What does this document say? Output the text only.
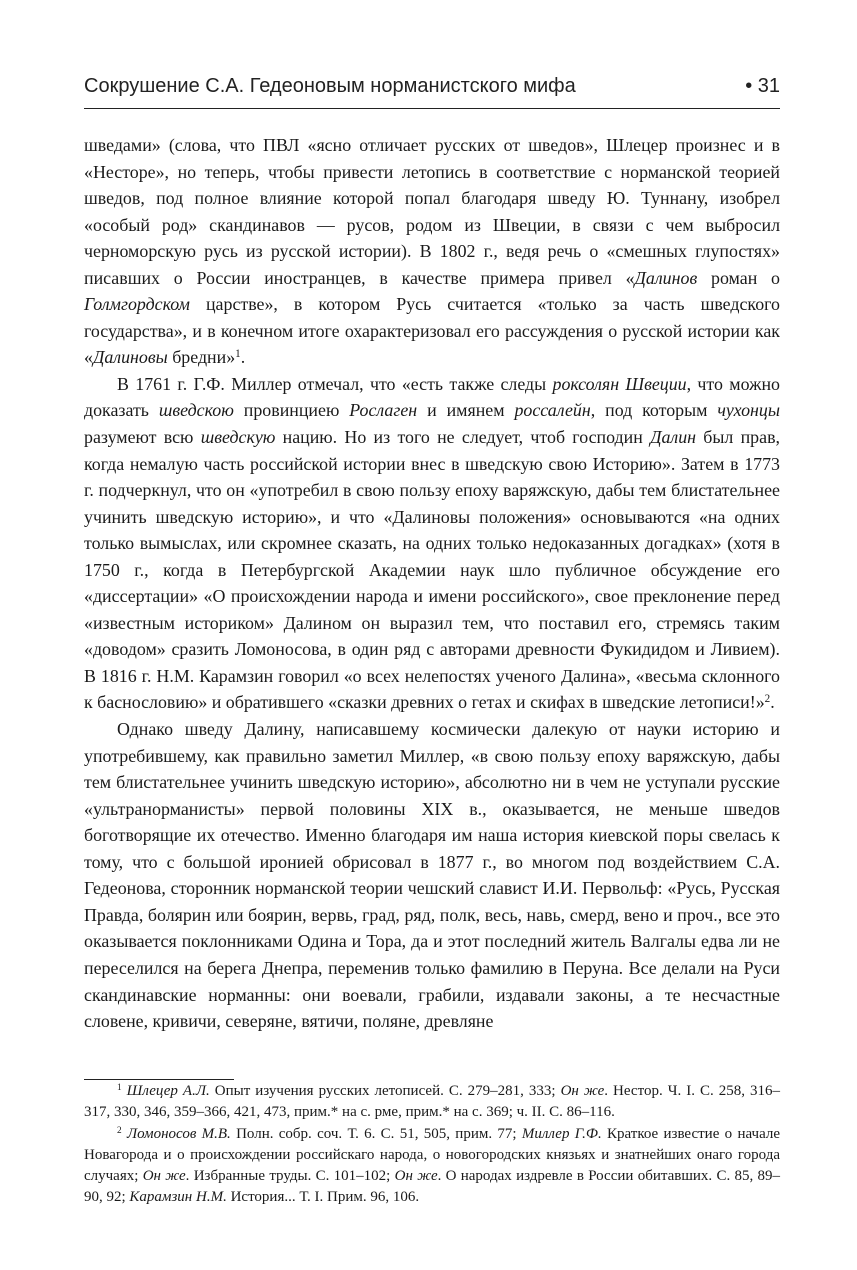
Сокрушение С.А. Гедеоновым норманистского мифа	• 31

шведами» (слова, что ПВЛ «ясно отличает русских от шведов», Шлецер произнес и в «Несторе», но теперь, чтобы привести летопись в соответствие с норманской теорией шведов, под полное влияние которой попал благодаря шведу Ю. Туннану, изобрел «особый род» скандинавов — русов, родом из Швеции, в связи с чем выбросил черноморскую русь из русской истории). В 1802 г., ведя речь о «смешных глупостях» писавших о России иностранцев, в качестве примера привел «Далинов роман о Голмгордском царстве», в котором Русь считается «только за часть шведского государства», и в конечном итоге охарактеризовал его рассуждения о русской истории как «Далиновы бредни»$^1$.

В 1761 г. Г.Ф. Миллер отмечал, что «есть также следы роксолян Швеции, что можно доказать шведскою провинциею Рослаген и имянем россалейн, под которым чухонцы разумеют всю шведскую нацию. Но из того не следует, чтоб господин Далин был прав, когда немалую часть российской истории внес в шведскую свою Историю». Затем в 1773 г. подчеркнул, что он «употребил в свою пользу епоху варяжскую, дабы тем блистательнее учинить шведскую историю», и что «Далиновы положения» основываются «на одних только вымыслах, или скромнее сказать, на одних только недоказанных догадках» (хотя в 1750 г., когда в Петербургской Академии наук шло публичное обсуждение его «диссертации» «О происхождении народа и имени российского», свое преклонение перед «известным историком» Далином он выразил тем, что поставил его, стремясь таким «доводом» сразить Ломоносова, в один ряд с авторами древности Фукидидом и Ливием). В 1816 г. Н.М. Карамзин говорил «о всех нелепостях ученого Далина», «весьма склонного к баснословию» и обратившего «сказки древних о гетах и скифах в шведские летописи!»$^2$.

Однако шведу Далину, написавшему космически далекую от науки историю и употребившему, как правильно заметил Миллер, «в свою пользу епоху варяжскую, дабы тем блистательнее учинить шведскую историю», абсолютно ни в чем не уступали русские «ультранорманисты» первой половины XIX в., оказывается, не меньше шведов боготворящие их отечество. Именно благодаря им наша история киевской поры свелась к тому, что с большой иронией обрисовал в 1877 г., во многом под воздействием С.А. Гедеонова, сторонник норманской теории чешский славист И.И. Первольф: «Русь, Русская Правда, болярин или боярин, вервь, град, ряд, полк, весь, навь, смерд, вено и проч., все это оказывается поклонниками Одина и Тора, да и этот последний житель Валгалы едва ли не переселился на берега Днепра, переменив только фамилию в Перуна. Все делали на Руси скандинавские норманны: они воевали, грабили, издавали законы, а те несчастные словене, кривичи, северяне, вятичи, поляне, древляне

$^1$ Шлецер А.Л. Опыт изучения русских летописей. С. 279–281, 333; Он же. Нестор. Ч. I. С. 258, 316–317, 330, 346, 359–366, 421, 473, прим.* на с. рме, прим.* на с. 369; ч. II. С. 86–116.

$^2$ Ломоносов М.В. Полн. собр. соч. Т. 6. С. 51, 505, прим. 77; Миллер Г.Ф. Краткое известие о начале Новагорода и о происхождении российскаго народа, о новогородских князьях и знатнейших онаго города случаях; Он же. Избранные труды. С. 101–102; Он же. О народах издревле в России обитавших. С. 85, 89–90, 92; Карамзин Н.М. История... Т. I. Прим. 96, 106.
